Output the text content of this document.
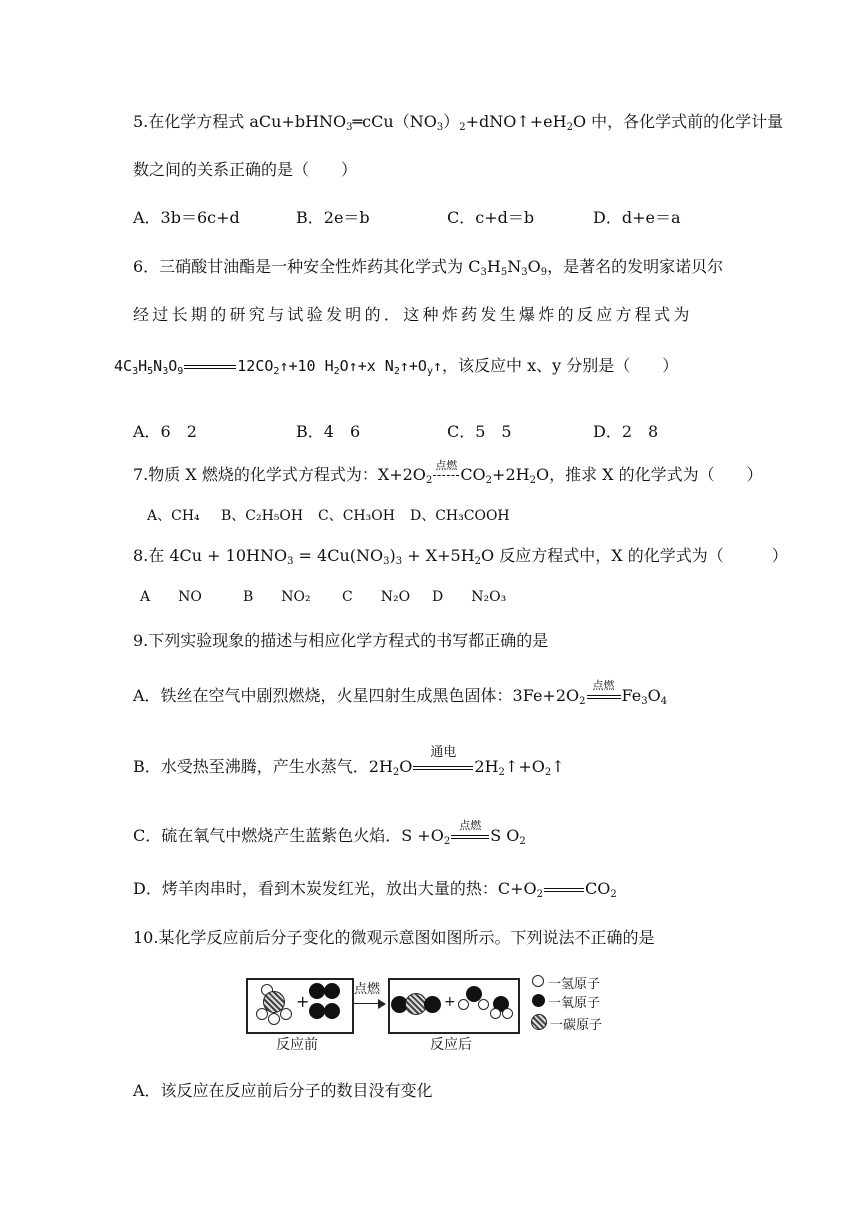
5.在化学方程式 $aCu+bHNO_3═cCu(NO_3)_2+dNO↑+eH_2O$ 中，各化学式前的化学计量
数之间的关系正确的是（　　）
A．3b＝6c+d	B．2e＝b	C．c+d＝b	D．d+e＝a
6．三硝酸甘油酯是一种安全性炸药其化学式为 $C_3H_5N_3O_9$，是著名的发明家诺贝尔
经过长期的研究与试验发明的．这种炸药发生爆炸的反应方程式为
$4C_3H_5N_3O_9$	$12CO_2↑+10$ $H_2O↑+x$ $N_2↑+O_y↑$，该反应中 x、y 分别是（　　）
A．6　2	B．4　6	C．5　5	D．2　8
7.物质 X 燃烧的化学式方程式为：$X+2O_2$
点燃 $CO_2+2H_2O$，推求 X 的化学式为（　　）
A、CH₄ B、C₂H₅OH C、CH₃OH D、CH₃COOH
8.在 $4Cu + 10HNO_3 = 4Cu(NO_3)_3 + X+5H_2O$ 反应方程式中，X 的化学式为（　　　）
A　　NO	B　　NO₂ C　　N₂O D　　N₂O₃
9.下列实验现象的描述与相应化学方程式的书写都正确的是
A．铁丝在空气中剧烈燃烧，火星四射生成黑色固体：$3Fe+2O_2$
点燃
$Fe_3O_4$
B．水受热至沸腾，产生水蒸气．$2H_2O$
通电
$2H_2↑+O_2↑$
C．硫在氧气中燃烧产生蓝紫色火焰．$S +O_2$
点燃
S $O_2$
D．烤羊肉串时，看到木炭发红光，放出大量的热：$C+O_2$	$CO_2$
10.某化学反应前后分子变化的微观示意图如图所示。下列说法不正确的是
+
点燃
+
反应前	反应后
一氢原子
一氧原子
一碳原子
A．该反应在反应前后分子的数目没有变化
